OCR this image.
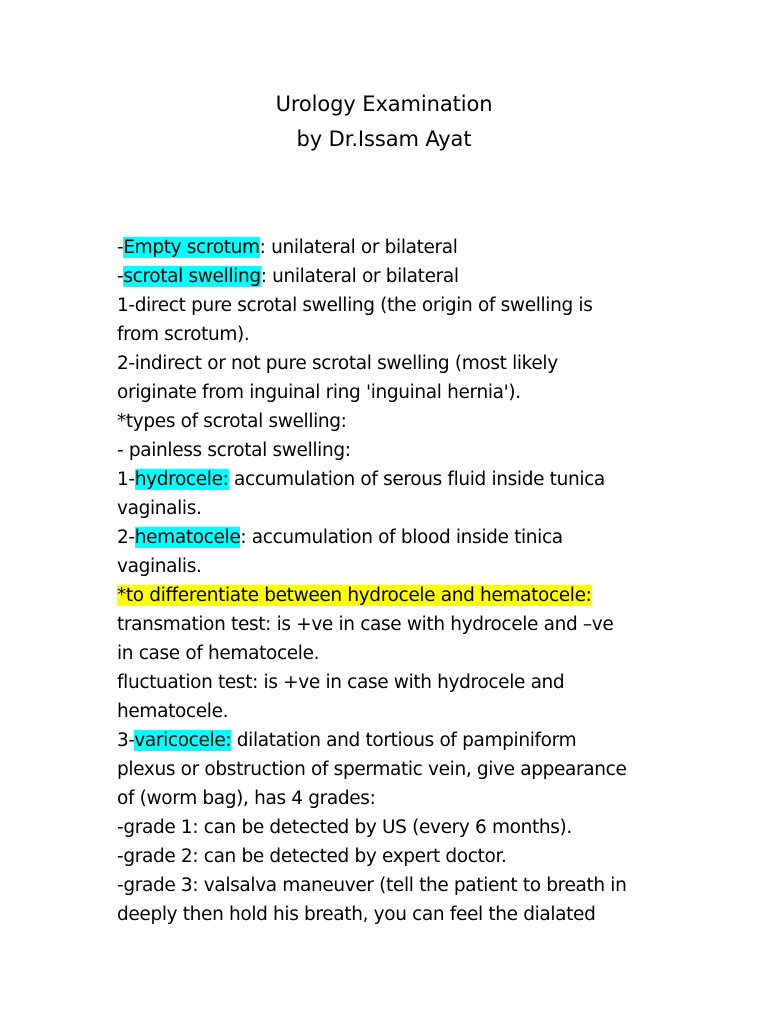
Urology Examination
by Dr.Issam Ayat
-Empty scrotum: unilateral or bilateral
-scrotal swelling: unilateral or bilateral
1-direct pure scrotal swelling (the origin of swelling is
from scrotum).
2-indirect or not pure scrotal swelling (most likely
originate from inguinal ring 'inguinal hernia').
*types of scrotal swelling:
- painless scrotal swelling:
1-hydrocele: accumulation of serous fluid inside tunica
vaginalis.
2-hematocele: accumulation of blood inside tinica
vaginalis.
*to differentiate between hydrocele and hematocele:
transmation test: is +ve in case with hydrocele and –ve
in case of hematocele.
fluctuation test: is +ve in case with hydrocele and
hematocele.
3-varicocele: dilatation and tortious of pampiniform
plexus or obstruction of spermatic vein, give appearance
of (worm bag), has 4 grades:
-grade 1: can be detected by US (every 6 months).
-grade 2: can be detected by expert doctor.
-grade 3: valsalva maneuver (tell the patient to breath in
deeply then hold his breath, you can feel the dialated
